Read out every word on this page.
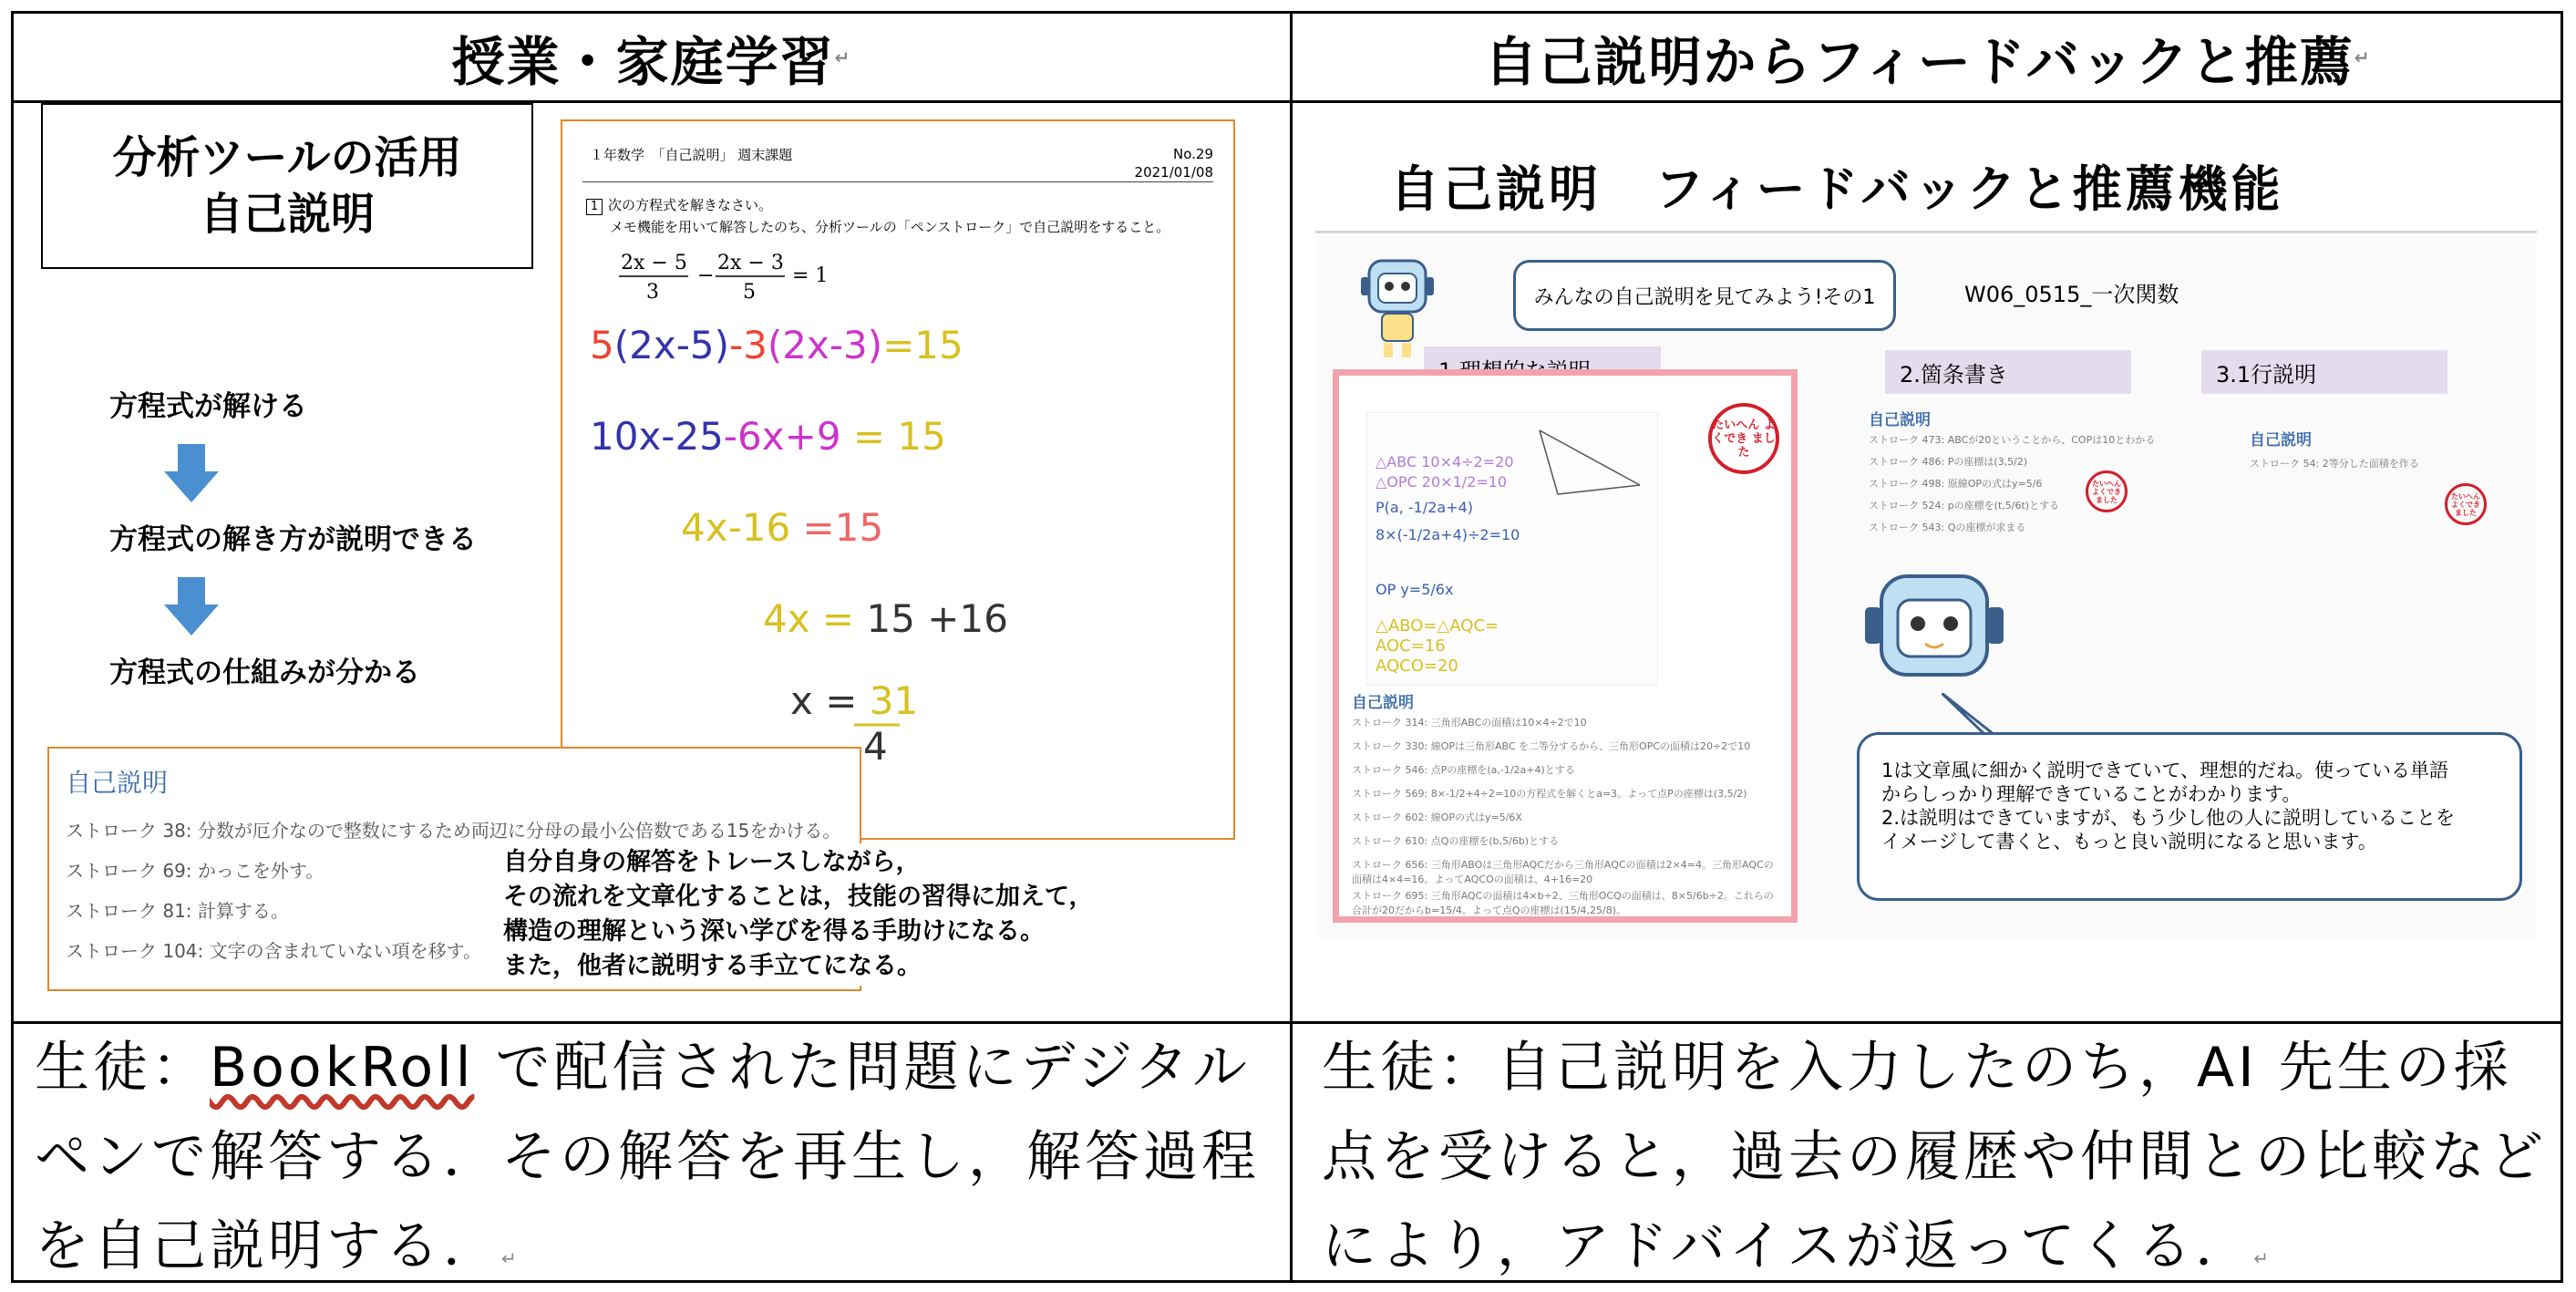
授業・家庭学習 ↵	自己説明からフィードバックと推薦 ↵
分析ツールの活用
自己説明
方程式が解ける
方程式の解き方が説明できる
方程式の仕組みが分かる
１年数学　「自己説明」 週末課題	No.29
2021/01/08
1 次の方程式を解きなさい。
メモ機能を用いて解答したのち、分析ツールの「ペンストローク」で自己説明をすること。
2x − 5
3
−
2x − 3
5
= 1
5(2x-5)-3(2x-3)=15
10x-25-6x+9 = 15
4x-16 =15
4x = 15 +16
x = 31
4
自己説明
ストローク 38: 分数が厄介なので整数にするため両辺に分母の最小公倍数である15をかける。
ストローク 69: かっこを外す。
ストローク 81: 計算する。
ストローク 104: 文字の含まれていない項を移す。
自分自身の解答をトレースしながら，
その流れを文章化することは，技能の習得に加えて，
構造の理解という深い学びを得る手助けになる。
また，他者に説明する手立てになる。
自己説明　フィードバックと推薦機能
みんなの自己説明を見てみよう!その1	W06_0515_一次関数
2.箇条書き	3.1行説明
△ABC 10×4÷2=20
△OPC 20×1/2=10
P(a, -1/2a+4)
8×(-1/2a+4)÷2=10
OP y=5/6x
△ABO=△AQC=
AOC=16
AQCO=20
たいへん よくでき ました
自己説明
ストローク 314: 三角形ABCの面積は10×4÷2で10
ストローク 330: 線OPは三角形ABC を二等分するから、三角形OPCの面積は20÷2で10
ストローク 546: 点Pの座標を(a,-1/2a+4)とする
ストローク 569: 8×-1/2+4÷2=10の方程式を解くとa=3。よって点Pの座標は(3,5/2)
ストローク 602: 線OPの式はy=5/6X
ストローク 610: 点Qの座標を(b,5/6b)とする
ストローク 656: 三角形ABOは三角形AQCだから三角形AQCの面積は2×4=4。三角形AQCの面積は4×4=16。よってAQCOの面積は、4+16=20
ストローク 695: 三角形AQCの面積は4×b÷2、三角形OCQの面積は、8×5/6b÷2。これらの合計が20だからb=15/4。よって点Qの座標は(15/4,25/8)。
自己説明
ストローク 473: ABCが20ということから、COPは10とわかる
ストローク 486: Pの座標は(3,5/2)
ストローク 498: 原線OPの式はy=5/6
ストローク 524: pの座標を(t,5/6t)とする
ストローク 543: Qの座標が求まる
たいへん よくでき ました
自己説明
ストローク 54: 2等分した面積を作る
たいへん よくでき ました
1は文章風に細かく説明できていて、理想的だね。使っている単語
からしっかり理解できていることがわかります。
2.は説明はできていますが、もう少し他の人に説明していることを
イメージして書くと、もっと良い説明になると思います。
生徒：BookRoll で配信された問題にデジタル
ペンで解答する．その解答を再生し，解答過程
を自己説明する．↵
生徒：自己説明を入力したのち，AI 先生の採
点を受けると，過去の履歴や仲間との比較など
により，アドバイスが返ってくる．↵
